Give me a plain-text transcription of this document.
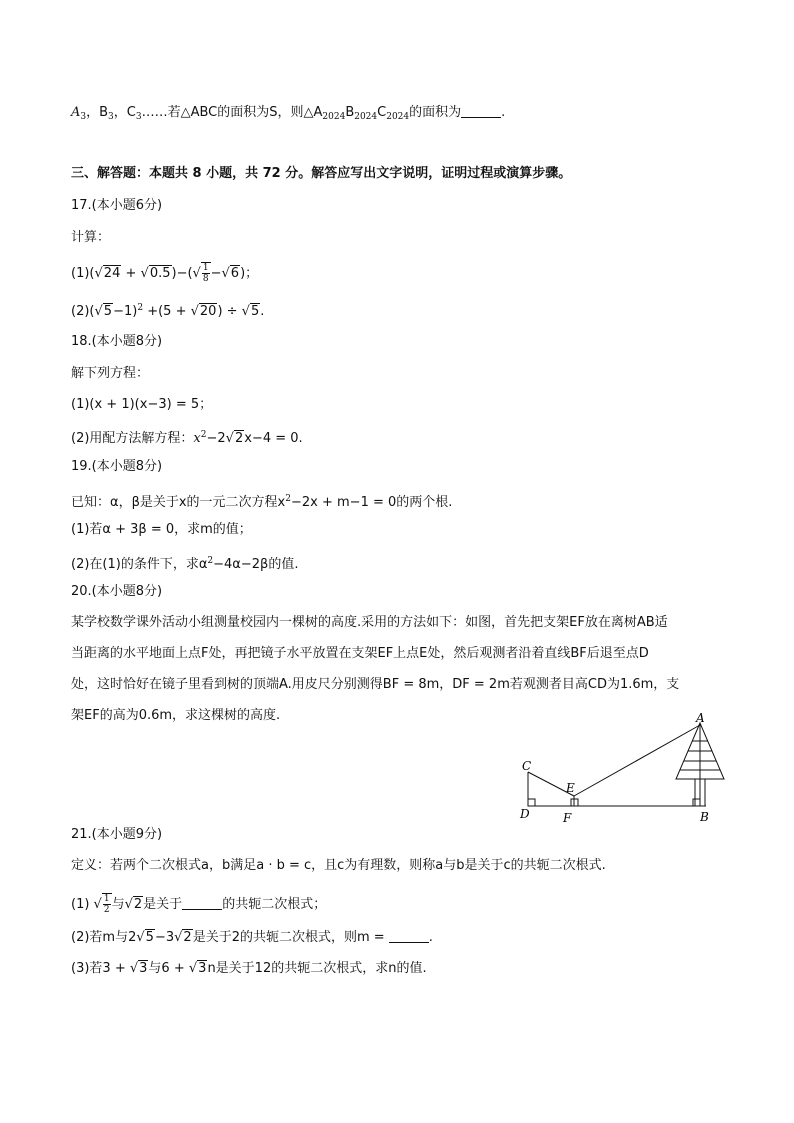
$A_3$，$B_3$，$C_3\dots\dots$若△ABC的面积为S，则$\triangle A_{2024}B_{2024}C_{2024}$的面积为	.
三、解答题：本题共 8 小题，共 72 分。解答应写出文字说明，证明过程或演算步骤。
17.(本小题6分)
计算：
$(1)(√24 + √0.5)-(√ \frac{1}{8} -√6)$；
$(2)(√5-1)^2 +(5 + √20) \div √5$.
18.(本小题8分)
解下列方程：
(1)(x + 1)(x−3) = 5；
(2)用配方法解方程：$x^2-2√2x-4 = 0$.
19.(本小题8分)
已知：α，β是关于x的一元二次方程$x^2-2x + m-1 = 0$的两个根.
(1)若α + 3β = 0，求m的值；
(2)在(1)的条件下，求$\alpha^2-4\alpha-2\beta$的值.
20.(本小题8分)
某学校数学课外活动小组测量校园内一棵树的高度.采用的方法如下：如图，首先把支架EF放在离树AB适
当距离的水平地面上点F处，再把镜子水平放置在支架EF上点E处，然后观测者沿着直线BF后退至点D
处，这时恰好在镜子里看到树的顶端A.用皮尺分别测得BF = 8m，DF = 2m若观测者目高CD为1.6m，支
架EF的高为0.6m，求这棵树的高度.	A
B
C
D
E
F
21.(本小题9分)
定义：若两个二次根式a，b满足a · b = c，且c为有理数，则称a与b是关于c的共轭二次根式.
(1) √ $\frac{1}{2}$ 与√2是关于	的共轭二次根式；
(2)若m与2√5−3√2是关于2的共轭二次根式，则m =	.
(3)若3 + √3与6 + √3n是关于12的共轭二次根式，求n的值.
